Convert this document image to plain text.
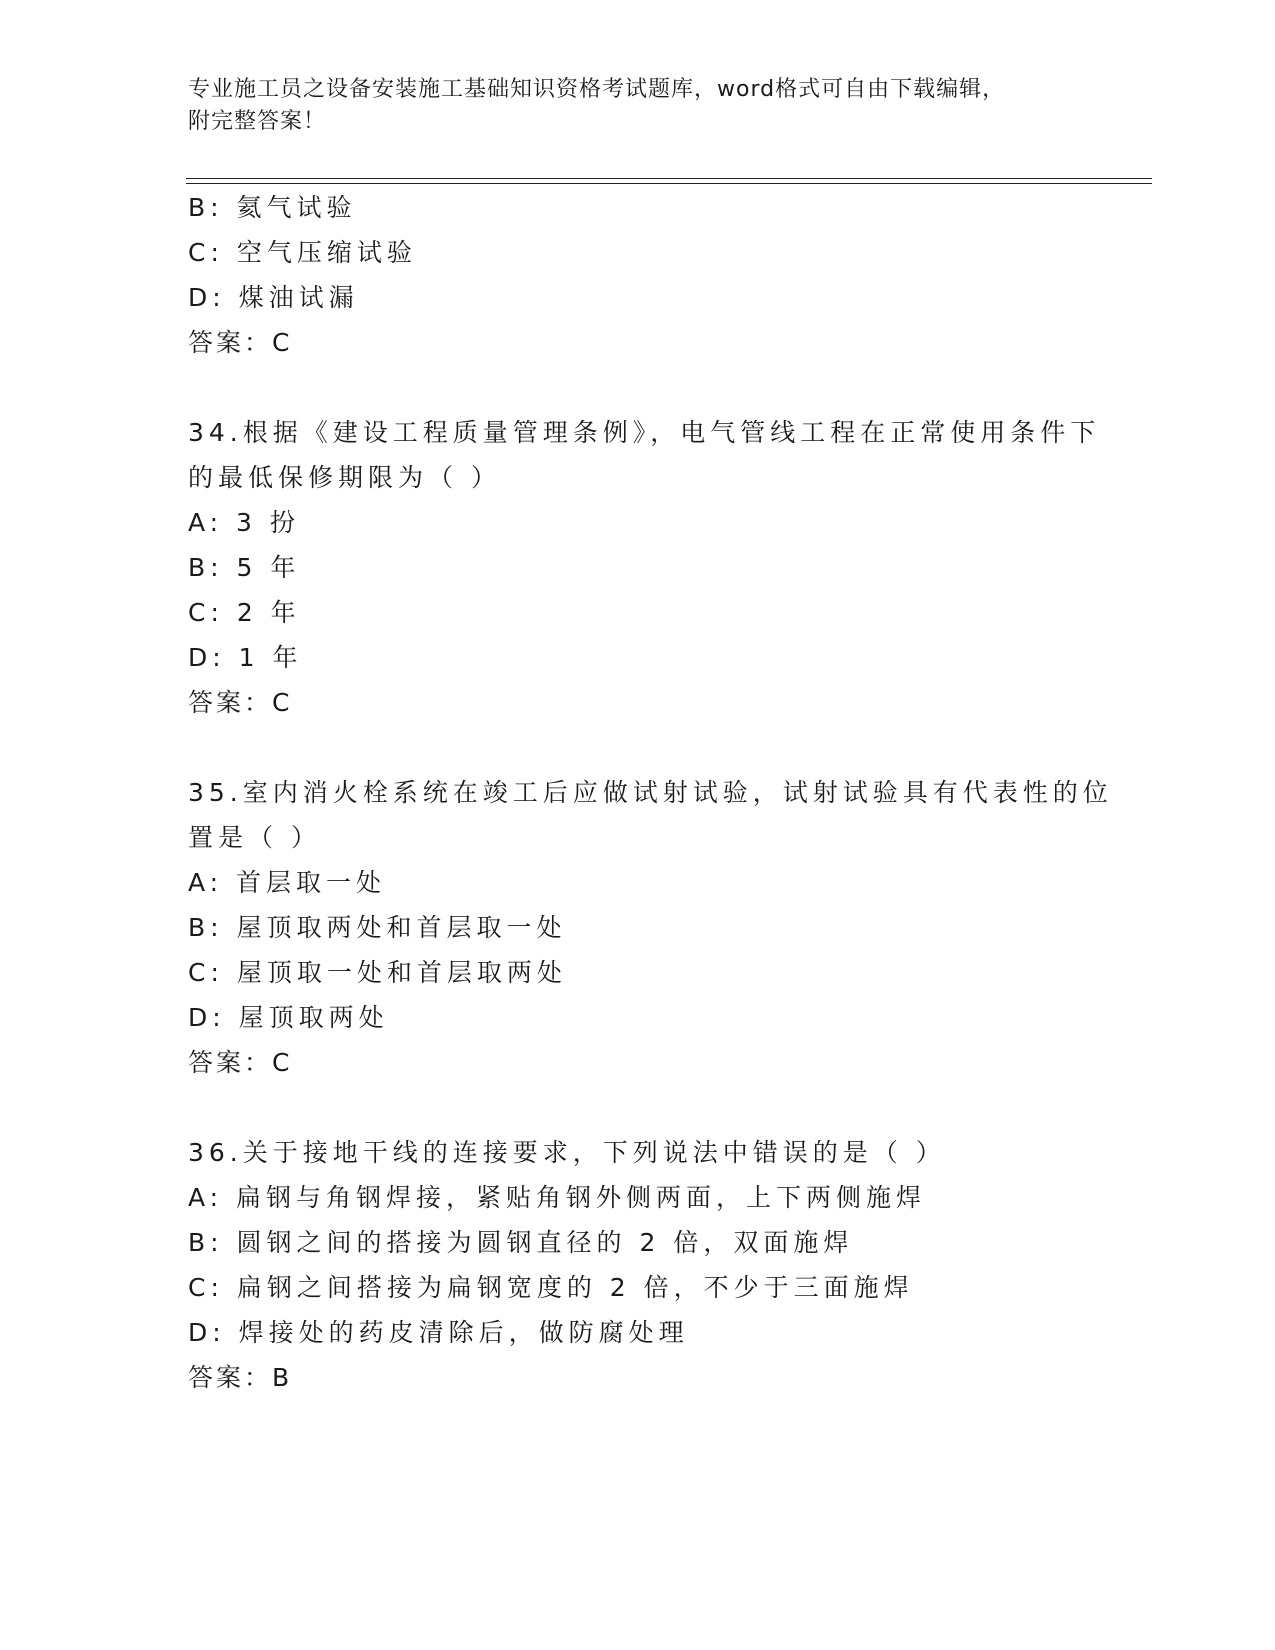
专业施工员之设备安装施工基础知识资格考试题库，word格式可自由下载编辑，
附完整答案！
B: 氦气试验
C: 空气压缩试验
D: 煤油试漏
答案：C
34.根据《建设工程质量管理条例》，电气管线工程在正常使用条件下
的最低保修期限为（ ）
A: 3 扮
B: 5 年
C: 2 年
D: 1 年
答案：C
35.室内消火栓系统在竣工后应做试射试验，试射试验具有代表性的位
置是（ ）
A: 首层取一处
B: 屋顶取两处和首层取一处
C: 屋顶取一处和首层取两处
D: 屋顶取两处
答案：C
36.关于接地干线的连接要求，下列说法中错误的是（ ）
A: 扁钢与角钢焊接，紧贴角钢外侧两面，上下两侧施焊
B: 圆钢之间的搭接为圆钢直径的 2 倍，双面施焊
C: 扁钢之间搭接为扁钢宽度的 2 倍，不少于三面施焊
D: 焊接处的药皮清除后，做防腐处理
答案：B
